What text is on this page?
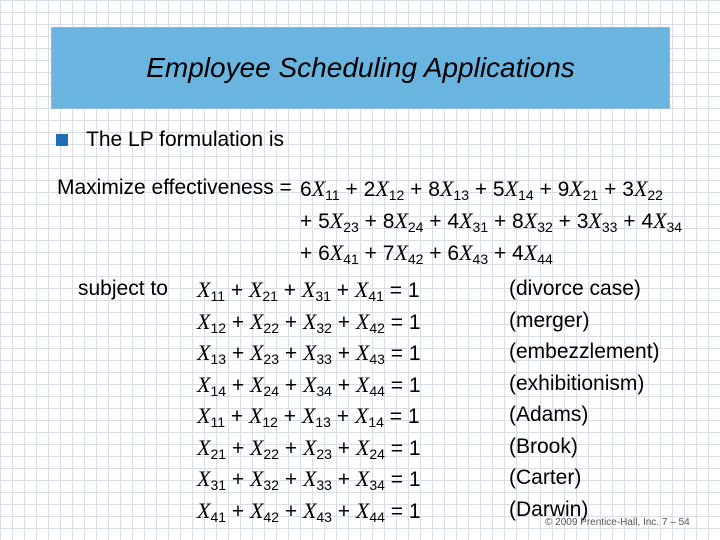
Employee Scheduling Applications
The LP formulation is
Maximize effectiveness = $6X_{11} + 2X_{12} + 8X_{13} + 5X_{14} + 9X_{21} + 3X_{22}$
+ $5X_{23} + 8X_{24} + 4X_{31} + 8X_{32} + 3X_{33} + 4X_{34}$
+ $6X_{41} + 7X_{42} + 6X_{43} + 4X_{44}$
subject to $X_{11} + X_{21} + X_{31} + X_{41} = 1$	(divorce case)
$X_{12} + X_{22} + X_{32} + X_{42} = 1$	(merger)
$X_{13} + X_{23} + X_{33} + X_{43} = 1$	(embezzlement)
$X_{14} + X_{24} + X_{34} + X_{44} = 1$	(exhibitionism)
$X_{11} + X_{12} + X_{13} + X_{14} = 1$	(Adams)
$X_{21} + X_{22} + X_{23} + X_{24} = 1$	(Brook)
$X_{31} + X_{32} + X_{33} + X_{34} = 1$	(Carter)
$X_{41} + X_{42} + X_{43} + X_{44} = 1$	(Darwin)
© 2009 Prentice-Hall, Inc. 7 – 54
